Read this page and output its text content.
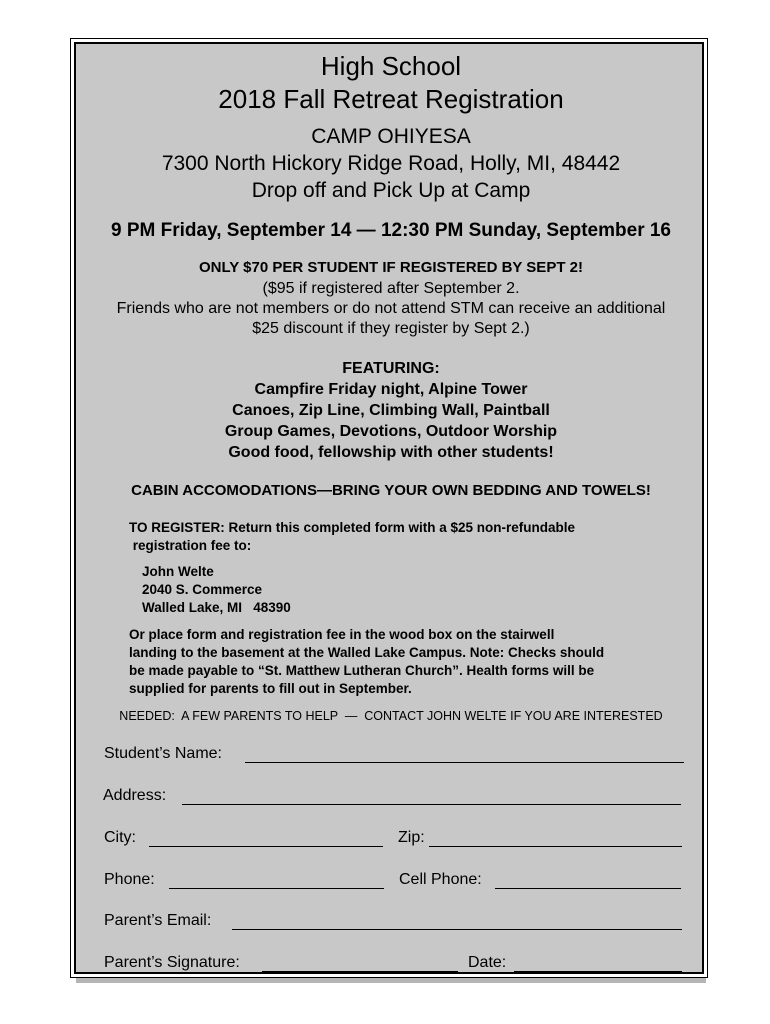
High School
2018 Fall Retreat Registration
CAMP OHIYESA
7300 North Hickory Ridge Road, Holly, MI, 48442
Drop off and Pick Up at Camp
9 PM Friday, September 14 — 12:30 PM Sunday, September 16
ONLY $70 PER STUDENT IF REGISTERED BY SEPT 2!
($95 if registered after September 2.
Friends who are not members or do not attend STM can receive an additional
$25 discount if they register by Sept 2.)
FEATURING:
Campfire Friday night, Alpine Tower
Canoes, Zip Line, Climbing Wall, Paintball
Group Games, Devotions, Outdoor Worship
Good food, fellowship with other students!
CABIN ACCOMODATIONS—BRING YOUR OWN BEDDING AND TOWELS!
TO REGISTER: Return this completed form with a $25 non-refundable
registration fee to:
John Welte
2040 S. Commerce
Walled Lake, MI   48390
Or place form and registration fee in the wood box on the stairwell
landing to the basement at the Walled Lake Campus. Note: Checks should
be made payable to “St. Matthew Lutheran Church”. Health forms will be
supplied for parents to fill out in September.
NEEDED:  A FEW PARENTS TO HELP  —  CONTACT JOHN WELTE IF YOU ARE INTERESTED
Student’s Name:
Address:
City:	Zip:
Phone:	Cell Phone:
Parent’s Email:
Parent’s Signature:	Date:
